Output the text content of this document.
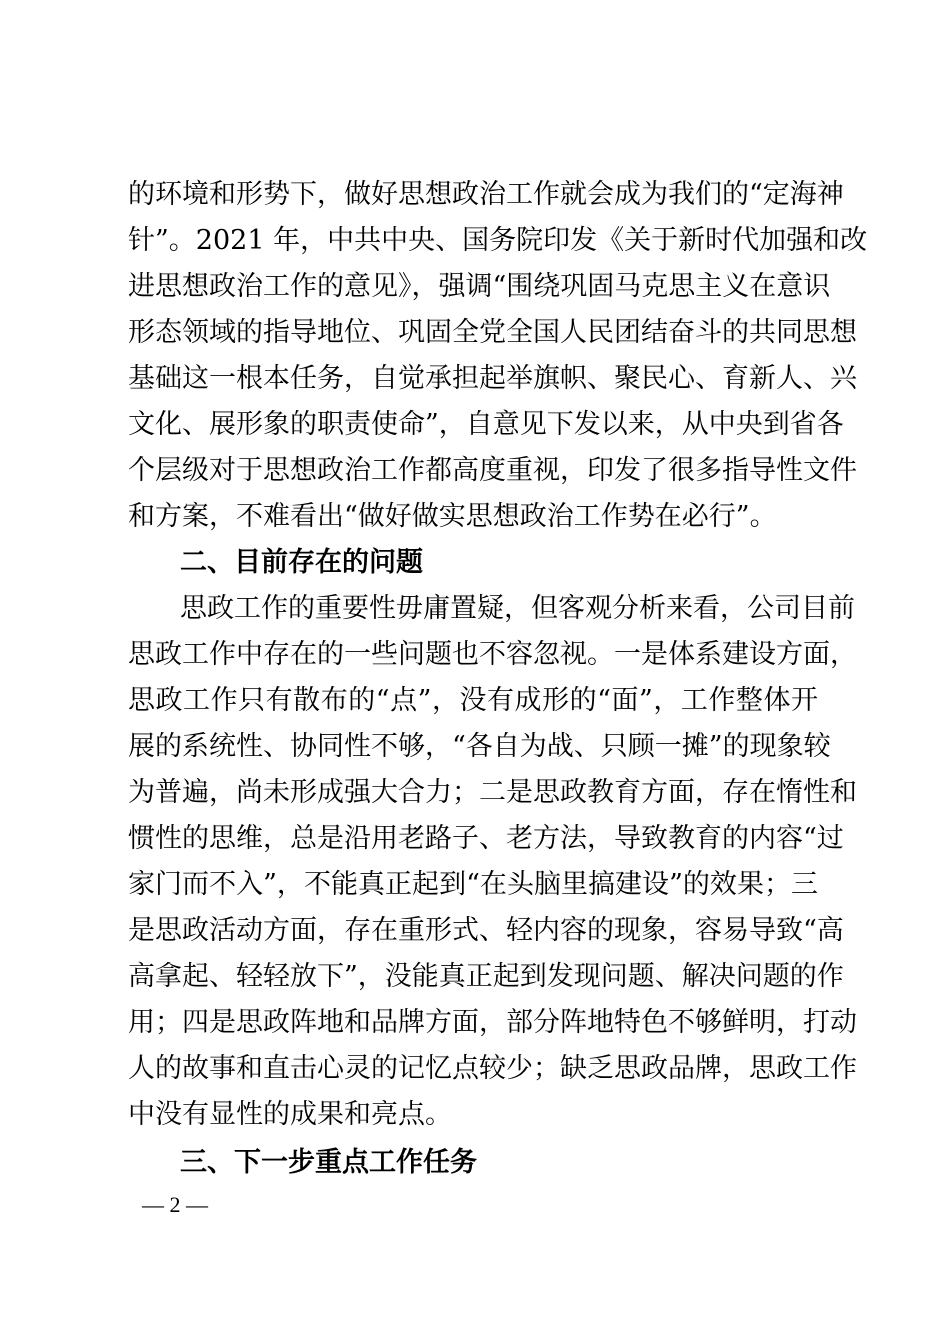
的环境和形势下，做好思想政治工作就会成为我们的“定海神
针”。2021 年，中共中央、国务院印发《关于新时代加强和改
进思想政治工作的意见》，强调“围绕巩固马克思主义在意识
形态领域的指导地位、巩固全党全国人民团结奋斗的共同思想
基础这一根本任务，自觉承担起举旗帜、聚民心、育新人、兴
文化、展形象的职责使命”，自意见下发以来，从中央到省各
个层级对于思想政治工作都高度重视，印发了很多指导性文件
和方案，不难看出“做好做实思想政治工作势在必行”。
二、目前存在的问题
思政工作的重要性毋庸置疑，但客观分析来看，公司目前
思政工作中存在的一些问题也不容忽视。一是体系建设方面，
思政工作只有散布的“点”，没有成形的“面”，工作整体开
展的系统性、协同性不够，“各自为战、只顾一摊”的现象较
为普遍，尚未形成强大合力；二是思政教育方面，存在惰性和
惯性的思维，总是沿用老路子、老方法，导致教育的内容“过
家门而不入”，不能真正起到“在头脑里搞建设”的效果；三
是思政活动方面，存在重形式、轻内容的现象，容易导致“高
高拿起、轻轻放下”，没能真正起到发现问题、解决问题的作
用；四是思政阵地和品牌方面，部分阵地特色不够鲜明，打动
人的故事和直击心灵的记忆点较少；缺乏思政品牌，思政工作
中没有显性的成果和亮点。
三、下一步重点工作任务
— 2 —
